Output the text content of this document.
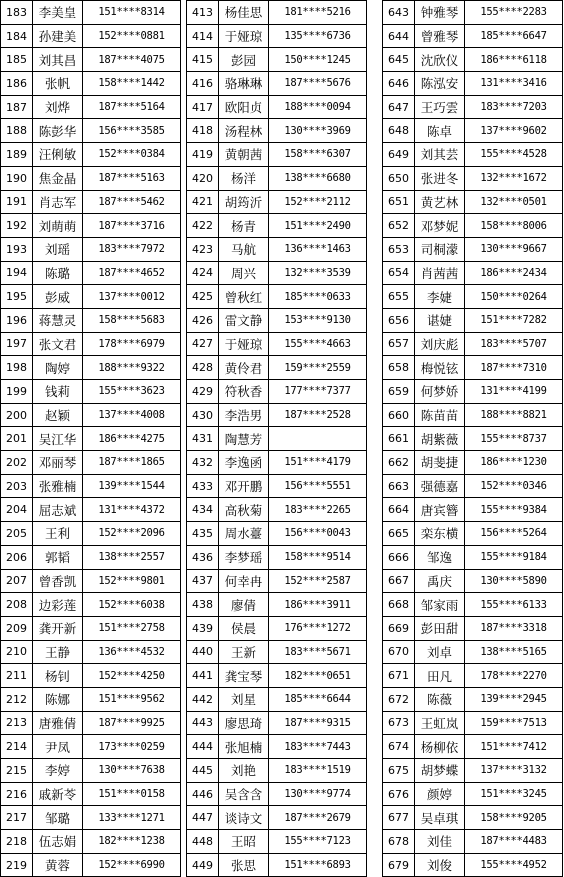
183	李美皇	151****8314
184	孙建美	152****0881
185	刘其昌	187****4075
186	张帆	158****1442
187	刘烨	187****5164
188	陈彭华	156****3585
189	汪俐敏	152****0384
190	焦金晶	187****5163
191	肖志军	187****5462
192	刘萌萌	187****3716
193	刘瑶	183****7972
194	陈璐	187****4652
195	彭威	137****0012
196	蒋慧灵	158****5683
197	张文君	178****6979
198	陶婷	188****9322
199	钱莉	155****3623
200	赵颖	137****4008
201	吴江华	186****4275
202	邓丽琴	187****1865
203	张雅楠	139****1544
204	屈志斌	131****4372
205	王利	152****2096
206	郭韬	138****2557
207	曾香凯	152****9801
208	边彩莲	152****6038
209	龚开新	151****2758
210	王静	136****4532
211	杨钊	152****4250
212	陈娜	151****9562
213	唐雅倩	187****9925
214	尹凤	173****0259
215	李婷	130****7638
216	戚新苓	151****0158
217	邹璐	133****1271
218	伍志娟	182****1238
219	黄蓉	152****6990
413	杨佳思	181****5216
414	于娅琼	135****6736
415	彭园	150****1245
416	骆琳琳	187****5676
417	欧阳贞	188****0094
418	汤程林	130****3969
419	黄朝茜	158****6307
420	杨洋	138****6680
421	胡筠沂	152****2112
422	杨青	151****2490
423	马航	136****1463
424	周兴	132****3539
425	曾秋红	185****0633
426	雷文静	153****9130
427	于娅琼	155****4663
428	黄伶君	159****2559
429	符秋香	177****7377
430	李浩男	187****2528
431	陶慧芳	
432	李逸函	151****4179
433	邓开鹏	156****5551
434	高秋菊	183****2265
435	周水薹	156****0043
436	李梦瑶	158****9514
437	何幸冉	152****2587
438	廖倩	186****3911
439	侯晨	176****1272
440	王新	183****5671
441	龚宝琴	182****0651
442	刘星	185****6644
443	廖思琦	187****9315
444	张旭楠	183****7443
445	刘艳	183****1519
446	吴含含	130****9774
447	谈诗文	187****2679
448	王昭	155****7123
449	张思	151****6893
643	钟雅琴	155****2283
644	曾雅琴	185****6647
645	沈欣仪	186****6118
646	陈泓安	131****3416
647	王巧雲	183****7203
648	陈卓	137****9602
649	刘其芸	155****4528
650	张进冬	132****1672
651	黄艺林	132****0501
652	邓梦妮	158****8006
653	司桐濛	130****9667
654	肖茜茜	186****2434
655	李婕	150****0264
656	谌婕	151****7282
657	刘庆彪	183****5707
658	梅悦铉	187****7310
659	何梦娇	131****4199
660	陈苗苗	188****8821
661	胡紫薇	155****8737
662	胡斐捷	186****1230
663	强德嘉	152****0346
664	唐宾簪	155****9384
665	栾东横	156****5264
666	邹逸	155****9184
667	禹庆	130****5890
668	邹家雨	155****6133
669	彭田甜	187****3318
670	刘卓	138****5165
671	田凡	178****2270
672	陈薇	139****2945
673	王虹岚	159****7513
674	杨柳依	151****7412
675	胡梦蝶	137****3132
676	颜婷	151****3245
677	吴卓琪	158****9205
678	刘佳	187****4483
679	刘俊	155****4952
